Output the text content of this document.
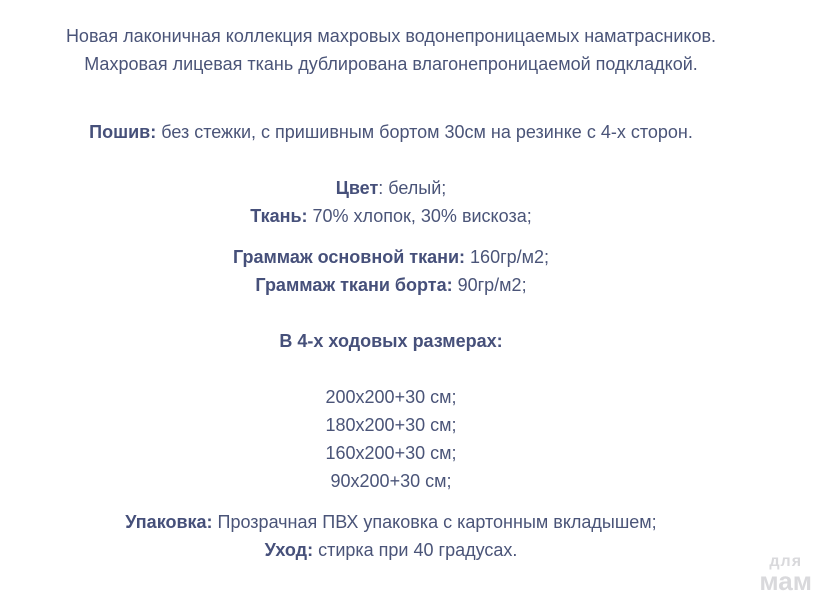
Новая лаконичная коллекция махровых водонепроницаемых наматрасников.
Махровая лицевая ткань дублирована влагонепроницаемой подкладкой.
Пошив: без стежки, с пришивным бортом 30см на резинке с 4-х сторон.
Цвет: белый;
Ткань: 70% хлопок, 30% вискоза;
Граммаж основной ткани: 160гр/м2;
Граммаж ткани борта: 90гр/м2;
В 4-х ходовых размерах:
200х200+30 см;
180х200+30 см;
160х200+30 см;
90х200+30 см;
Упаковка: Прозрачная ПВХ упаковка с картонным вкладышем;
Уход: стирка при 40 градусах.
для
мам
